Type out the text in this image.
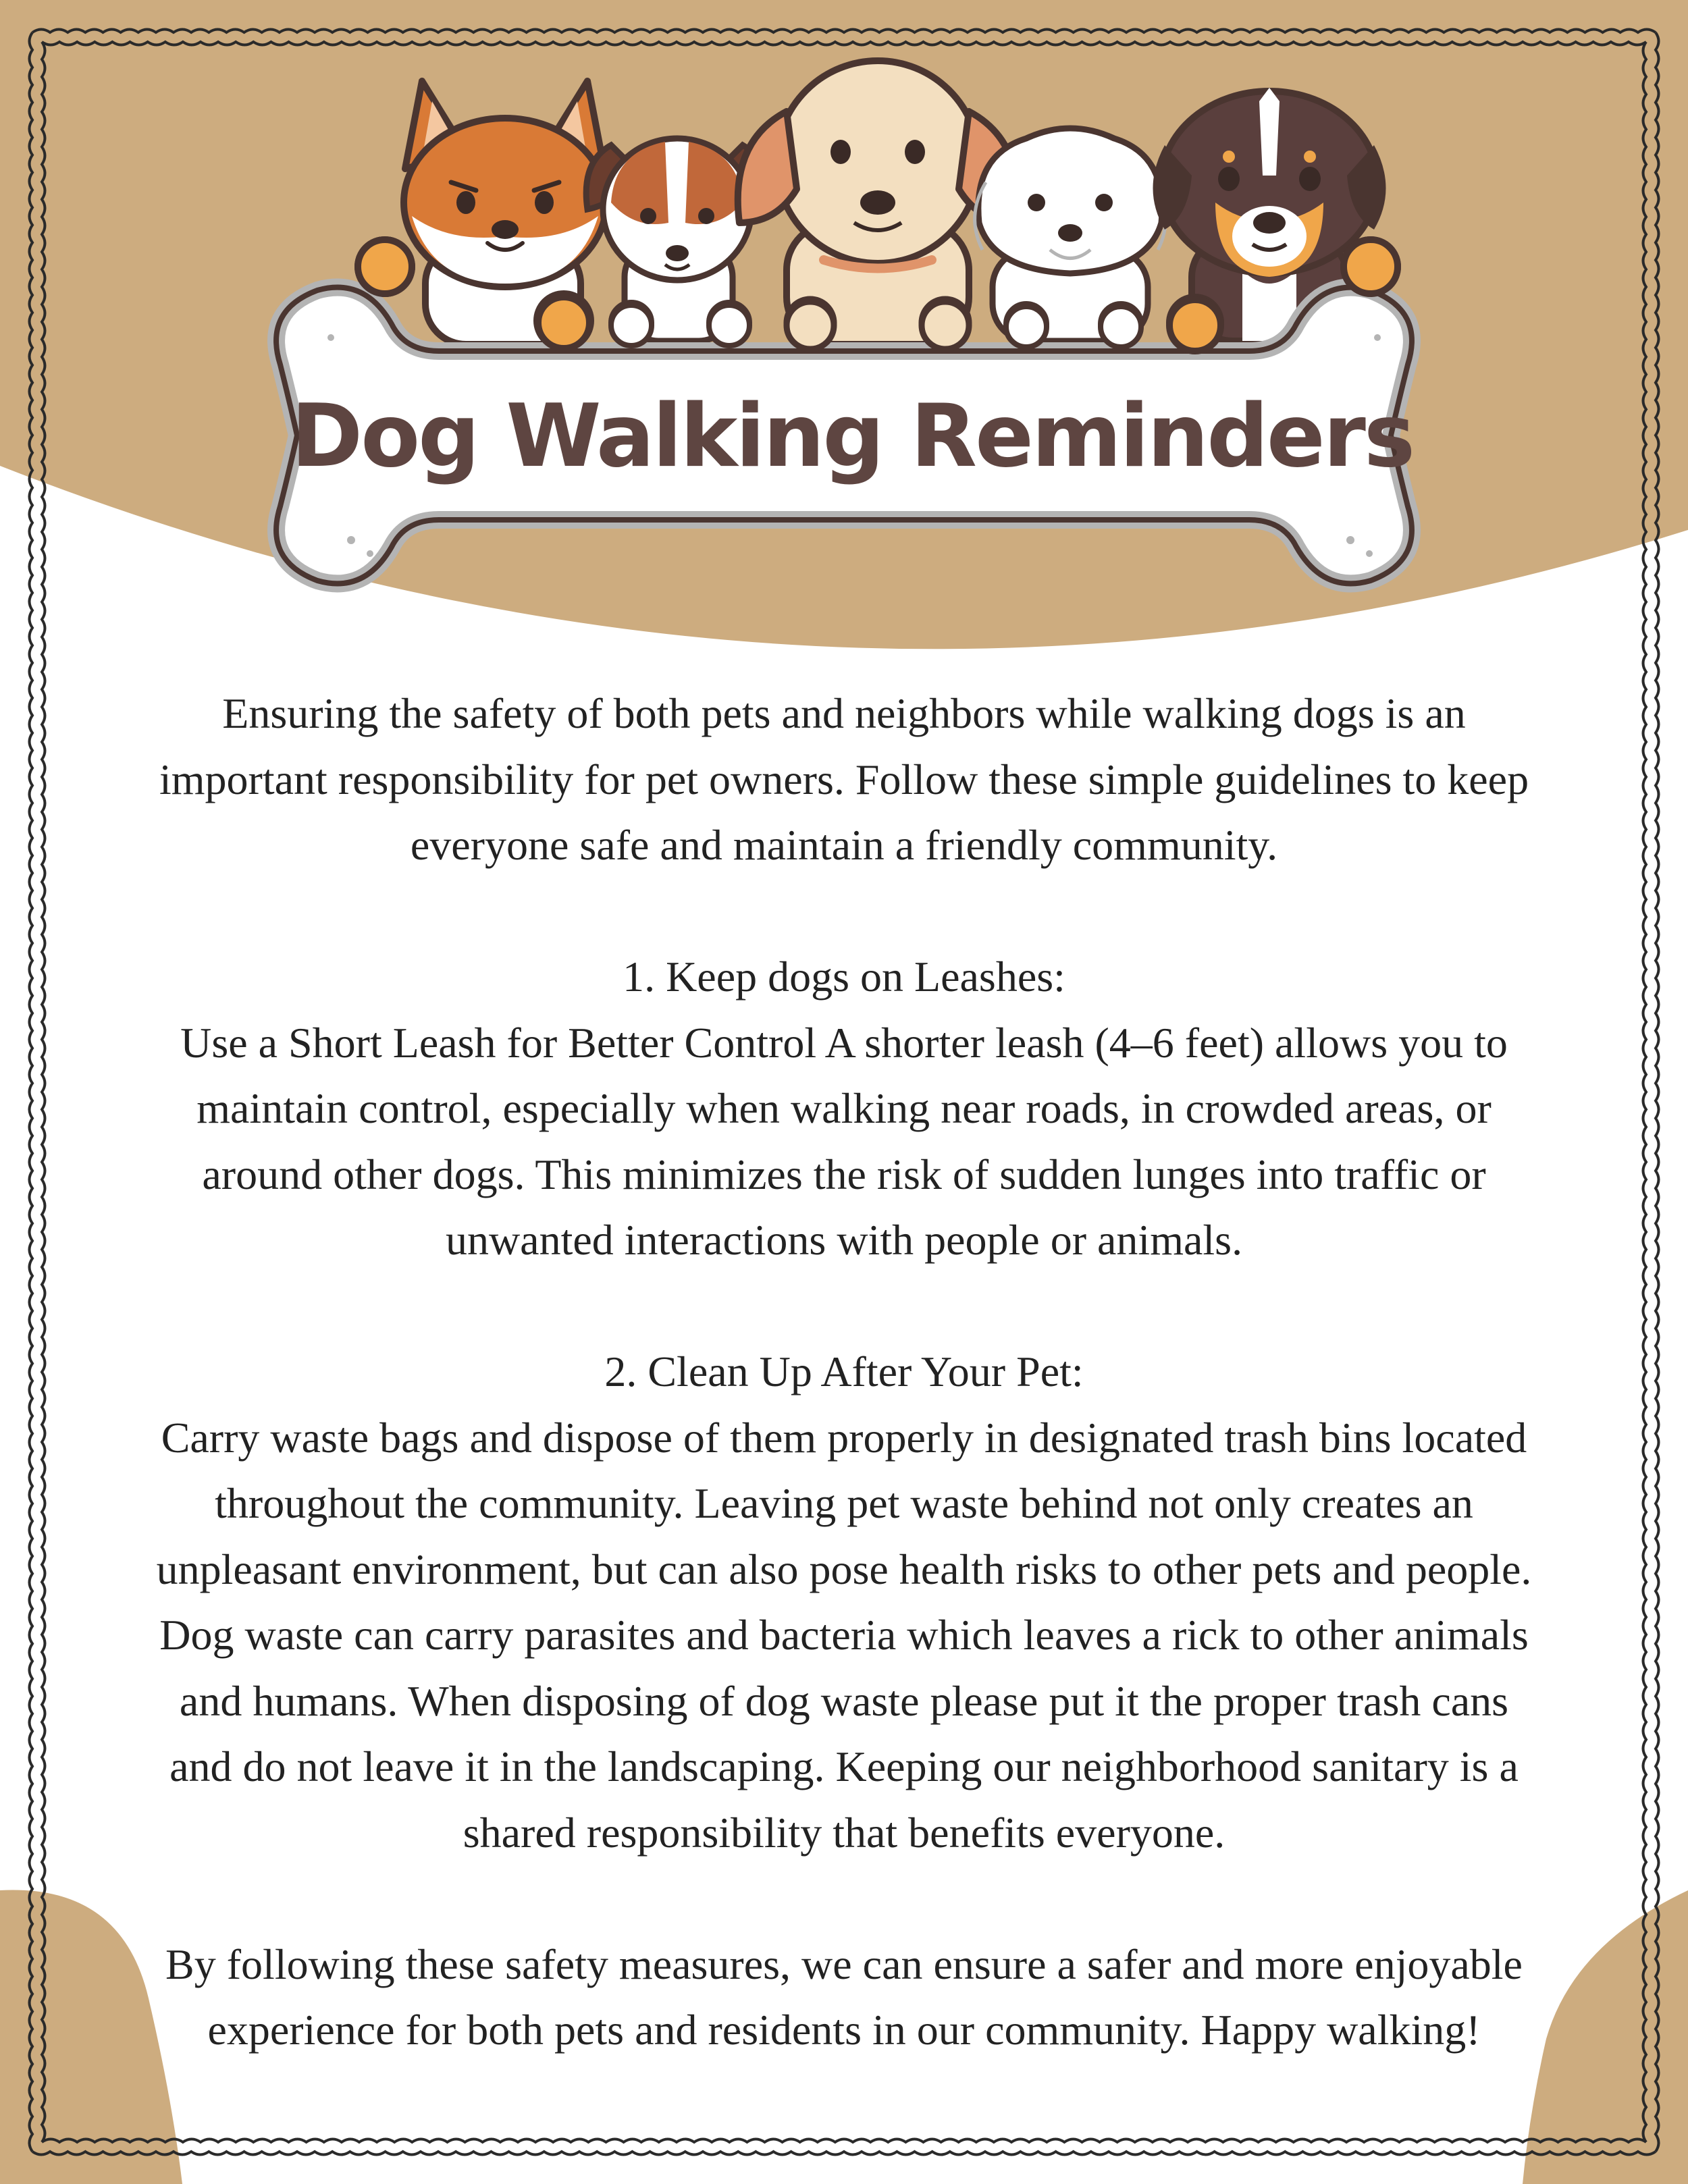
Dog Walking Reminders

Ensuring the safety of both pets and neighbors while walking dogs is an

important responsibility for pet owners. Follow these simple guidelines to keep

everyone safe and maintain a friendly community.

1. Keep dogs on Leashes:

Use a Short Leash for Better Control A shorter leash (4–6 feet) allows you to

maintain control, especially when walking near roads, in crowded areas, or

around other dogs. This minimizes the risk of sudden lunges into traffic or

unwanted interactions with people or animals.

2. Clean Up After Your Pet:

Carry waste bags and dispose of them properly in designated trash bins located

throughout the community. Leaving pet waste behind not only creates an

unpleasant environment, but can also pose health risks to other pets and people.

Dog waste can carry parasites and bacteria which leaves a rick to other animals

and humans. When disposing of dog waste please put it the proper trash cans

and do not leave it in the landscaping. Keeping our neighborhood sanitary is a

shared responsibility that benefits everyone.

By following these safety measures, we can ensure a safer and more enjoyable

experience for both pets and residents in our community. Happy walking!
